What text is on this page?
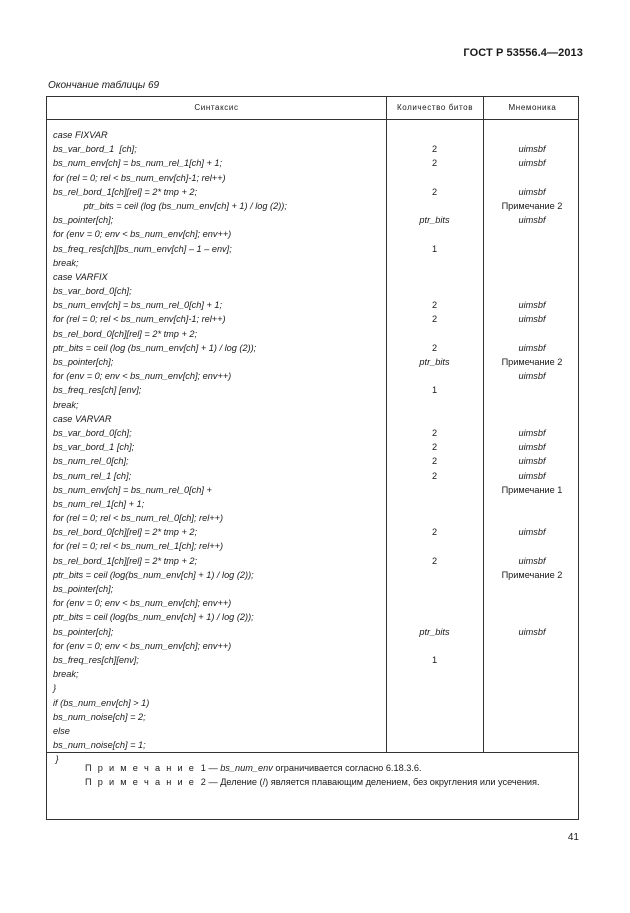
ГОСТ Р 53556.4—2013
Окончание таблицы 69
Синтаксис	Количество битов	Мнемоника
case FIXVAR
bs_var_bord_1  [ch];
bs_num_env[ch] = bs_num_rel_1[ch] + 1;
for (rel = 0; rel < bs_num_env[ch]-1; rel++)
bs_rel_bord_1[ch][rel] = 2* tmp + 2;
ptr_bits = ceil (log (bs_num_env[ch] + 1) / log (2));
bs_pointer[ch];
for (env = 0; env < bs_num_env[ch]; env++)
bs_freq_res[ch][bs_num_env[ch] – 1 – env];
break;
case VARFIX
bs_var_bord_0[ch];
bs_num_env[ch] = bs_num_rel_0[ch] + 1;
for (rel = 0; rel < bs_num_env[ch]-1; rel++)
bs_rel_bord_0[ch][rel] = 2* tmp + 2;
ptr_bits = ceil (log (bs_num_env[ch] + 1) / log (2));
bs_pointer[ch];
for (env = 0; env < bs_num_env[ch]; env++)
bs_freq_res[ch] [env];
break;
case VARVAR
bs_var_bord_0[ch];
bs_var_bord_1 [ch];
bs_num_rel_0[ch];
bs_num_rel_1 [ch];
bs_num_env[ch] = bs_num_rel_0[ch] +
bs_num_rel_1[ch] + 1;
for (rel = 0; rel < bs_num_rel_0[ch]; rel++)
bs_rel_bord_0[ch][rel] = 2* tmp + 2;
for (rel = 0; rel < bs_num_rel_1[ch]; rel++)
bs_rel_bord_1[ch][rel] = 2* tmp + 2;
ptr_bits = ceil (log(bs_num_env[ch] + 1) / log (2));
bs_pointer[ch];
for (env = 0; env < bs_num_env[ch]; env++)
ptr_bits = ceil (log(bs_num_env[ch] + 1) / log (2));
bs_pointer[ch];
for (env = 0; env < bs_num_env[ch]; env++)
bs_freq_res[ch][env];
break;
}
if (bs_num_env[ch] > 1)
bs_num_noise[ch] = 2;
else
bs_num_noise[ch] = 1;
}
2
2
2
ptr_bits
1
2
2
2
ptr_bits
1
2
2
2
2
2
2
ptr_bits
1
uimsbf
uimsbf
uimsbf
Примечание 2
uimsbf
uimsbf
uimsbf
uimsbf
Примечание 2
uimsbf
uimsbf
uimsbf
uimsbf
uimsbf
Примечание 1
uimsbf
uimsbf
Примечание 2
uimsbf
П р и м е ч а н и е 1 — bs_num_env ограничивается согласно 6.18.3.6.
П р и м е ч а н и е 2 — Деление (/) является плавающим делением, без округления или усечения.
41
